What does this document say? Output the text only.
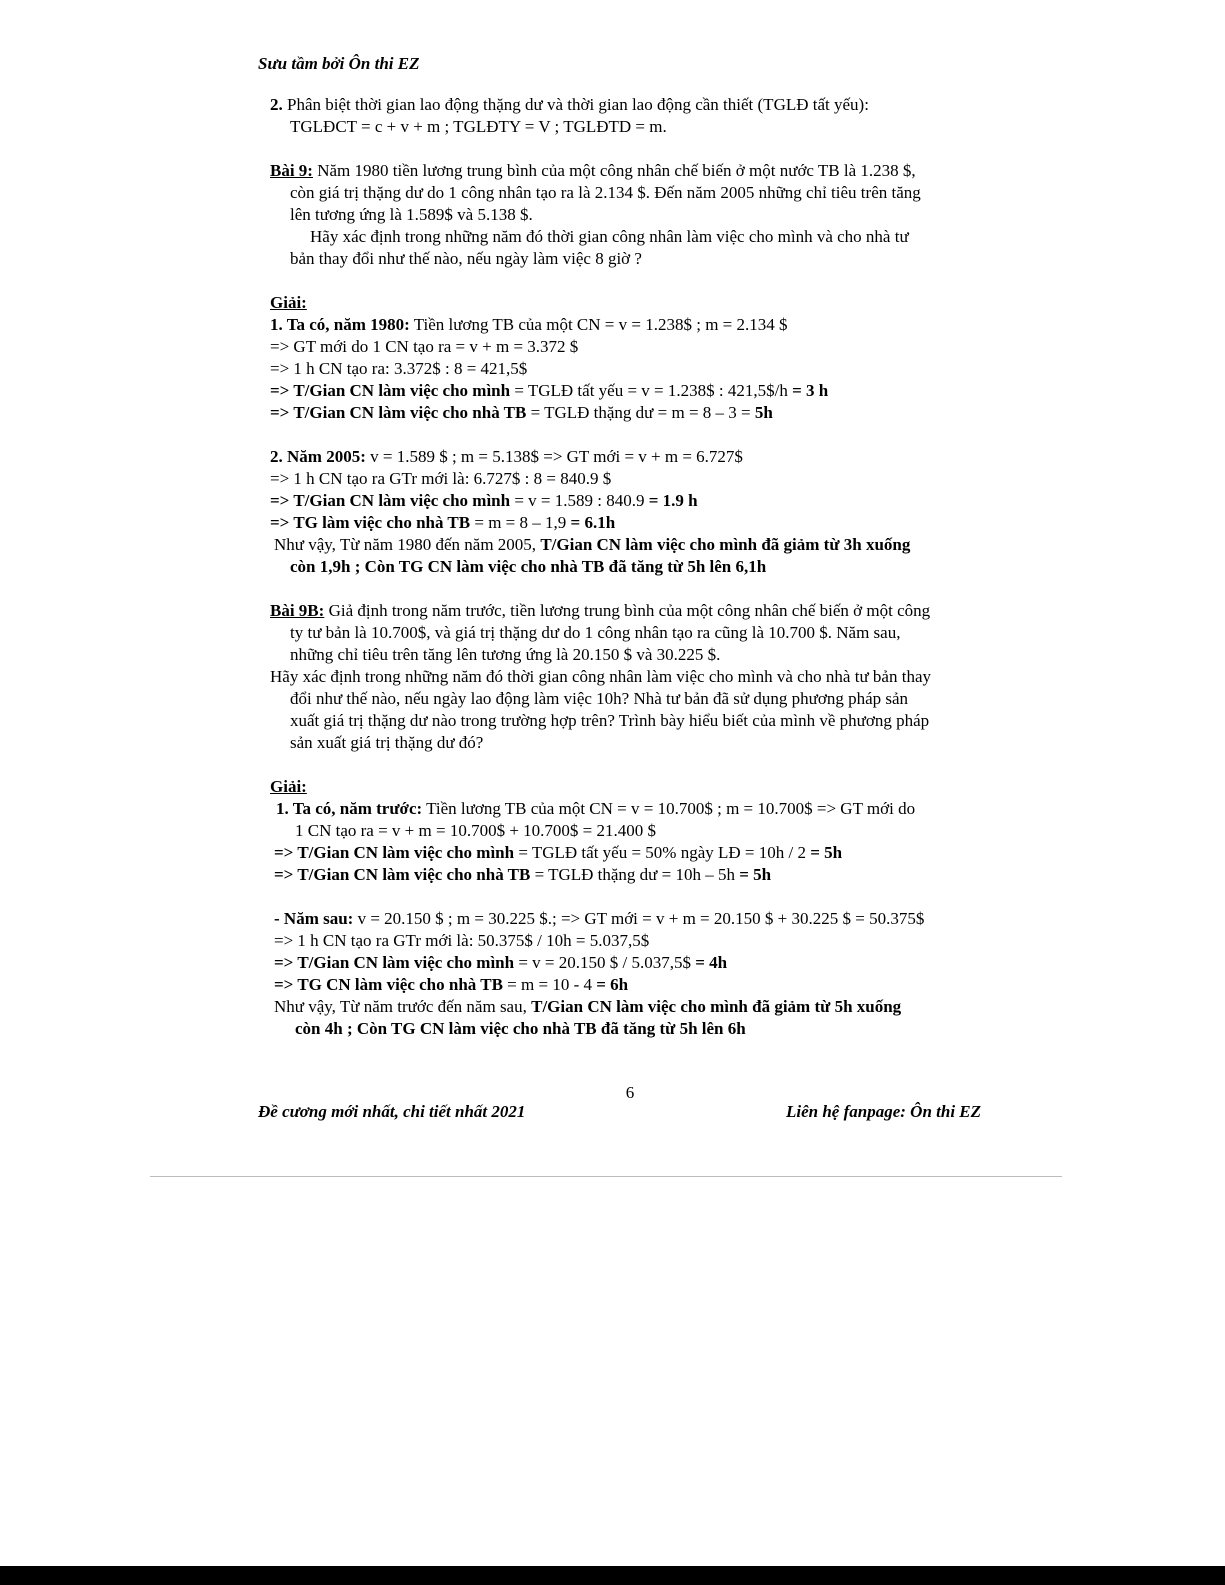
Sưu tầm bởi Ôn thi EZ
2. Phân biệt thời gian lao động thặng dư và thời gian lao động cần thiết (TGLĐ tất yếu):
TGLĐCT = c + v + m ; TGLĐTY = V ; TGLĐTD = m.
Bài 9: Năm 1980 tiền lương trung bình của một công nhân chế biến ở một nước TB là 1.238 $,
còn giá trị thặng dư do 1 công nhân tạo ra là 2.134 $. Đến năm 2005 những chỉ tiêu trên tăng
lên tương ứng là 1.589$ và 5.138 $.
Hãy xác định trong những năm đó thời gian công nhân làm việc cho mình và cho nhà tư
bản thay đổi như thế nào, nếu ngày làm việc 8 giờ ?
Giải:
1. Ta có, năm 1980: Tiền lương TB của một CN = v = 1.238$ ; m = 2.134 $
=> GT mới do 1 CN tạo ra = v + m = 3.372 $
=> 1 h CN tạo ra: 3.372$ : 8 = 421,5$
=> T/Gian CN làm việc cho mình = TGLĐ tất yếu = v = 1.238$ : 421,5$/h = 3 h
=> T/Gian CN làm việc cho nhà TB = TGLĐ thặng dư = m = 8 – 3 = 5h
2. Năm 2005: v = 1.589 $ ; m = 5.138$ => GT mới = v + m = 6.727$
=> 1 h CN tạo ra GTr mới là: 6.727$ : 8 = 840.9 $
=> T/Gian CN làm việc cho mình = v = 1.589 : 840.9 = 1.9 h
=> TG làm việc cho nhà TB = m = 8 – 1,9 = 6.1h
Như vậy, Từ năm 1980 đến năm 2005, T/Gian CN làm việc cho mình đã giảm từ 3h xuống
còn 1,9h ; Còn TG CN làm việc cho nhà TB đã tăng từ 5h lên 6,1h
Bài 9B: Giả định trong năm trước, tiền lương trung bình của một công nhân chế biến ở một công
ty tư bản là 10.700$, và giá trị thặng dư do 1 công nhân tạo ra cũng là 10.700 $. Năm sau,
những chỉ tiêu trên tăng lên tương ứng là 20.150 $ và 30.225 $.
Hãy xác định trong những năm đó thời gian công nhân làm việc cho mình và cho nhà tư bản thay
đổi như thế nào, nếu ngày lao động làm việc 10h? Nhà tư bản đã sử dụng phương pháp sản
xuất giá trị thặng dư nào trong trường hợp trên? Trình bày hiểu biết của mình về phương pháp
sản xuất giá trị thặng dư đó?
Giải:
1. Ta có, năm trước: Tiền lương TB của một CN = v = 10.700$ ; m = 10.700$ => GT mới do
1 CN tạo ra = v + m = 10.700$ + 10.700$ = 21.400 $
=> T/Gian CN làm việc cho mình = TGLĐ tất yếu = 50% ngày LĐ = 10h / 2 = 5h
=> T/Gian CN làm việc cho nhà TB = TGLĐ thặng dư = 10h – 5h = 5h
- Năm sau: v = 20.150 $ ; m = 30.225 $.; => GT mới = v + m = 20.150 $ + 30.225 $ = 50.375$
=> 1 h CN tạo ra GTr mới là: 50.375$ / 10h = 5.037,5$
=> T/Gian CN làm việc cho mình = v = 20.150 $ / 5.037,5$ = 4h
=> TG CN làm việc cho nhà TB = m = 10 - 4 = 6h
Như vậy, Từ năm trước đến năm sau, T/Gian CN làm việc cho mình đã giảm từ 5h xuống
còn 4h ; Còn TG CN làm việc cho nhà TB đã tăng từ 5h lên 6h
6
Đề cương mới nhất, chi tiết nhất 2021	Liên hệ fanpage: Ôn thi EZ
